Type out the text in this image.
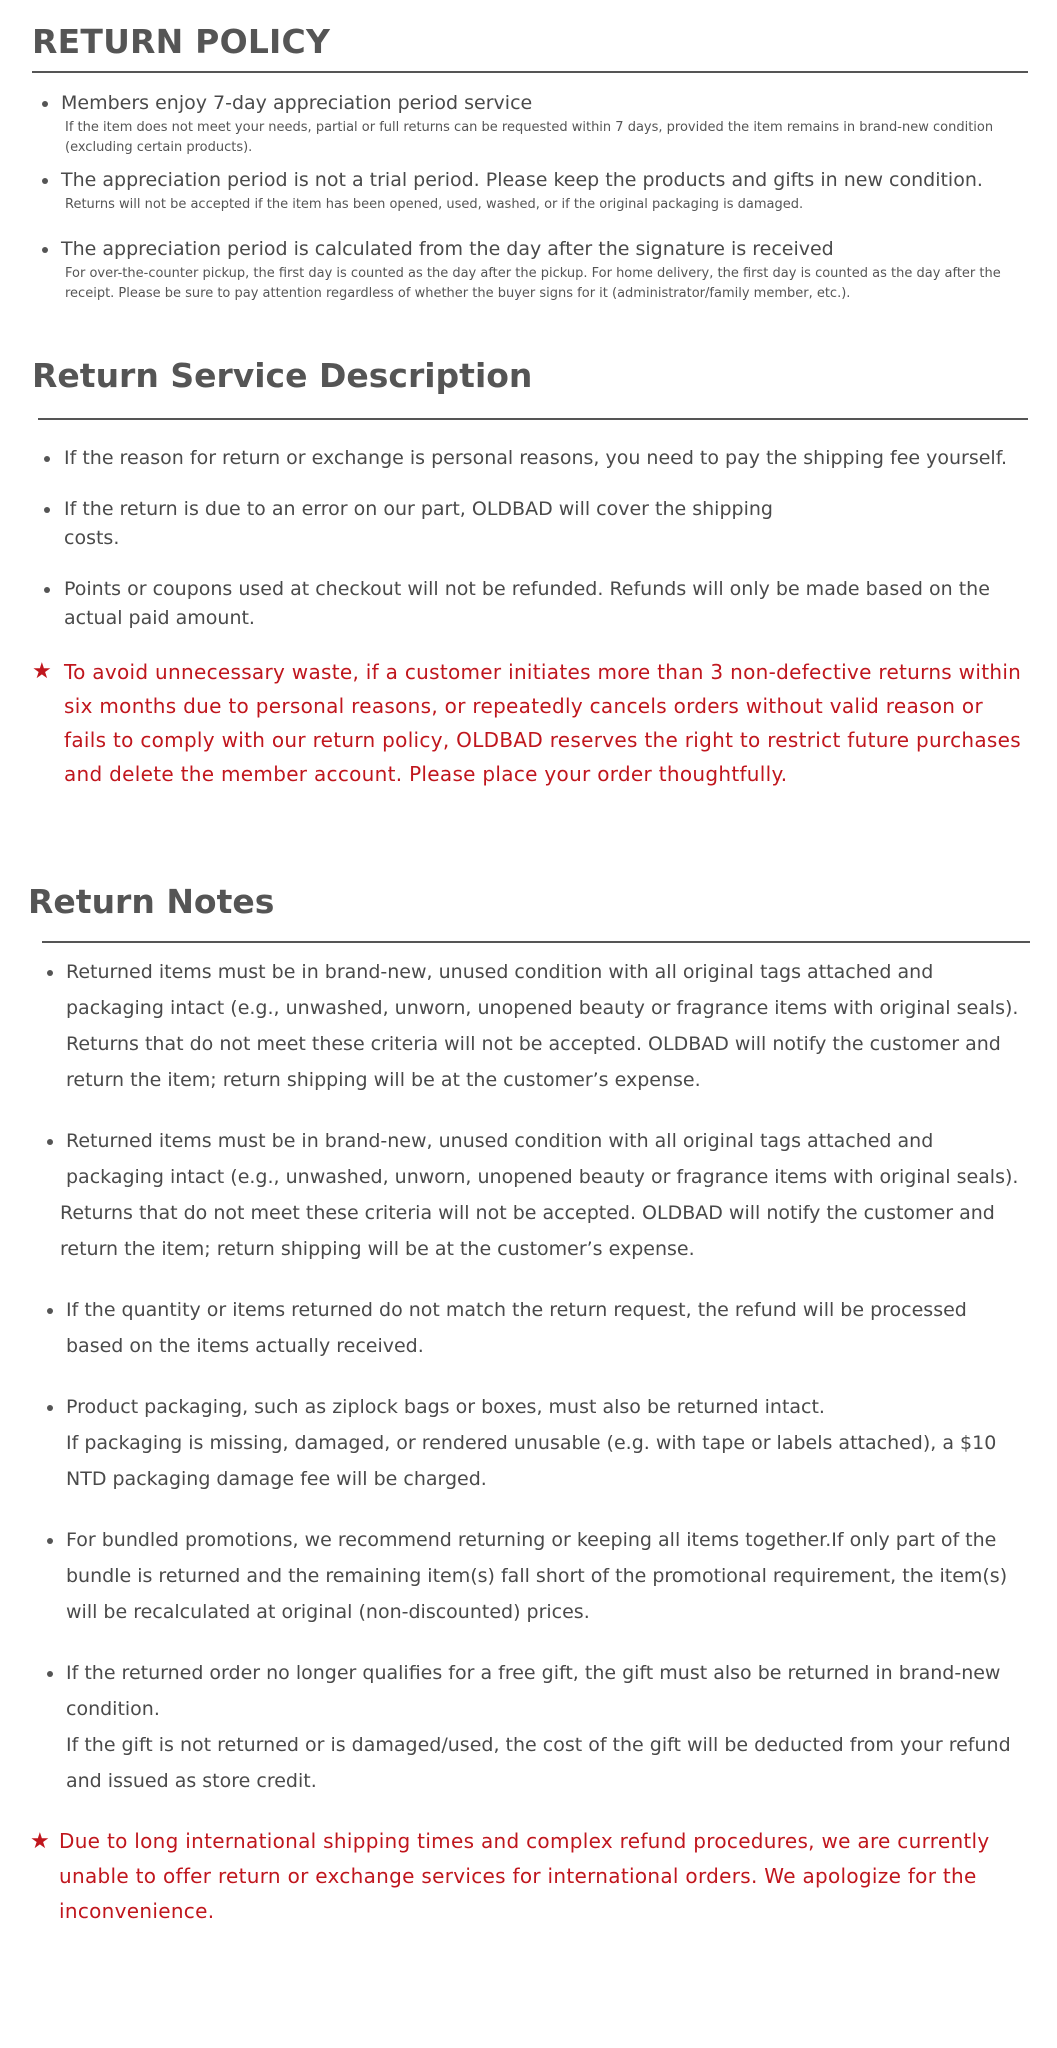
RETURN POLICY
Members enjoy 7-day appreciation period service
If the item does not meet your needs, partial or full returns can be requested within 7 days, provided the item remains in brand-new condition (excluding certain products).
The appreciation period is not a trial period. Please keep the products and gifts in new condition.
Returns will not be accepted if the item has been opened, used, washed, or if the original packaging is damaged.
The appreciation period is calculated from the day after the signature is received
For over-the-counter pickup, the first day is counted as the day after the pickup. For home delivery, the first day is counted as the day after the receipt. Please be sure to pay attention regardless of whether the buyer signs for it (administrator/family member, etc.).
Return Service Description
If the reason for return or exchange is personal reasons, you need to pay the shipping fee yourself.
If the return is due to an error on our part, OLDBAD will cover the shipping
costs.
Points or coupons used at checkout will not be refunded. Refunds will only be made based on the actual paid amount.
★ To avoid unnecessary waste, if a customer initiates more than 3 non-defective returns within six months due to personal reasons, or repeatedly cancels orders without valid reason or fails to comply with our return policy, OLDBAD reserves the right to restrict future purchases and delete the member account. Please place your order thoughtfully.
Return Notes
Returned items must be in brand-new, unused condition with all original tags attached and packaging intact (e.g., unwashed, unworn, unopened beauty or fragrance items with original seals).
Returns that do not meet these criteria will not be accepted. OLDBAD will notify the customer and return the item; return shipping will be at the customer’s expense.
Returned items must be in brand-new, unused condition with all original tags attached and packaging intact (e.g., unwashed, unworn, unopened beauty or fragrance items with original seals).
Returns that do not meet these criteria will not be accepted. OLDBAD will notify the customer and return the item; return shipping will be at the customer’s expense.
If the quantity or items returned do not match the return request, the refund will be processed based on the items actually received.
Product packaging, such as ziplock bags or boxes, must also be returned intact.
If packaging is missing, damaged, or rendered unusable (e.g. with tape or labels attached), a $10 NTD packaging damage fee will be charged.
For bundled promotions, we recommend returning or keeping all items together.If only part of the bundle is returned and the remaining item(s) fall short of the promotional requirement, the item(s) will be recalculated at original (non-discounted) prices.
If the returned order no longer qualifies for a free gift, the gift must also be returned in brand-new condition.
If the gift is not returned or is damaged/used, the cost of the gift will be deducted from your refund and issued as store credit.
★ Due to long international shipping times and complex refund procedures, we are currently unable to offer return or exchange services for international orders. We apologize for the inconvenience.
